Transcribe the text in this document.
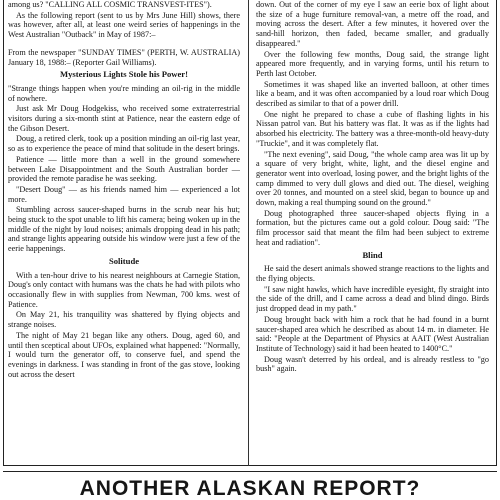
among us? "CALLING ALL COSMIC TRANSVEST-ITES").

As the following report (sent to us by Mrs June Hill) shows, there was however, after all, at least one weird series of happenings in the West Australian "Outback" in May of 1987:–

From the newspaper "SUNDAY TIMES" (PERTH, W. AUSTRALIA) January 18, 1988:– (Reporter Gail Williams).

Mysterious Lights Stole his Power!

"Strange things happen when you're minding an oil-rig in the middle of nowhere.

Just ask Mr Doug Hodgekiss, who received some extraterrestrial visitors during a six-month stint at Patience, near the eastern edge of the Gibson Desert.

Doug, a retired clerk, took up a position minding an oil-rig last year, so as to experience the peace of mind that solitude in the desert brings.

Patience — little more than a well in the ground somewhere between Lake Disappointment and the South Australian border — provided the remote paradise he was seeking.

"Desert Doug" — as his friends named him — experienced a lot more.

Stumbling across saucer-shaped burns in the scrub near his hut; being stuck to the spot unable to lift his camera; being woken up in the middle of the night by loud noises; animals dropping dead in his path; and strange lights appearing outside his window were just a few of the eerie happenings.

Solitude

With a ten-hour drive to his nearest neighbours at Carnegie Station, Doug's only contact with humans was the chats he had with pilots who occasionally flew in with supplies from Newman, 700 kms. west of Patience.

On May 21, his tranquility was shattered by flying objects and strange noises.

The night of May 21 began like any others. Doug, aged 60, and until then sceptical about UFOs, explained what happened: "Normally, I would turn the generator off, to conserve fuel, and spend the evenings in darkness. I was standing in front of the gas stove, looking out across the desert

down. Out of the corner of my eye I saw an eerie box of light about the size of a huge furniture removal-van, a metre off the road, and moving across the desert. After a few minutes, it hovered over the sand-hill horizon, then faded, became smaller, and gradually disappeared."

Over the following few months, Doug said, the strange light appeared more frequently, and in varying forms, until his return to Perth last October.

Sometimes it was shaped like an inverted balloon, at other times like a beam, and it was often accompanied by a loud roar which Doug described as similar to that of a power drill.

One night he prepared to chase a cube of flashing lights in his Nissan patrol van. But his battery was flat. It was as if the lights had absorbed his electricity. The battery was a three-month-old heavy-duty "Truckie", and it was completely flat.

"The next evening", said Doug, "the whole camp area was lit up by a square of very bright, white, light, and the diesel engine and generator went into overload, losing power, and the bright lights of the camp dimmed to very dull glows and died out. The diesel, weighing over 20 tonnes, and mounted on a steel skid, began to bounce up and down, making a real thumping sound on the ground."

Doug photographed three saucer-shaped objects flying in a formation, but the pictures came out a gold colour. Doug said: "The film processor said that meant the film had been subject to extreme heat and radiation".

Blind

He said the desert animals showed strange reactions to the lights and the flying objects.

"I saw night hawks, which have incredible eyesight, fly straight into the side of the drill, and I came across a dead and blind dingo. Birds just dropped dead in my path."

Doug brought back with him a rock that he had found in a burnt saucer-shaped area which he described as about 14 m. in diameter. He said: "People at the Department of Physics at AAIT (West Australian Institute of Technology) said it had been heated to 1400°C."

Doug wasn't deterred by his ordeal, and is already restless to "go bush" again.

ANOTHER ALASKAN REPORT?
